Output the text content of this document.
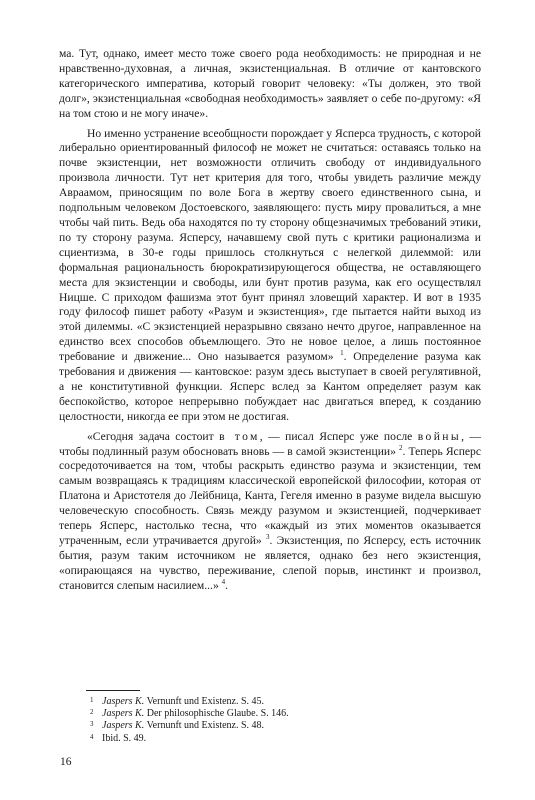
ма. Тут, однако, имеет место тоже своего рода необходимость: не природная и не нравственно-духовная, а личная, экзистенциальная. В отличие от кантовского категорического императива, который говорит человеку: «Ты должен, это твой долг», экзистенциальная «свободная необходимость» заявляет о себе по-другому: «Я на том стою и не могу иначе».

Но именно устранение всеобщности порождает у Ясперса трудность, с которой либерально ориентированный философ не может не считаться: оставаясь только на почве экзистенции, нет возможности отличить свободу от индивидуального произвола личности. Тут нет критерия для того, чтобы увидеть различие между Авраамом, приносящим по воле Бога в жертву своего единственного сына, и подпольным человеком Достоевского, заявляющего: пусть миру провалиться, а мне чтобы чай пить. Ведь оба находятся по ту сторону общезначимых требований этики, по ту сторону разума. Ясперсу, начавшему свой путь с критики рационализма и сциентизма, в 30-е годы пришлось столкнуться с нелегкой дилеммой: или формальная рациональность бюрократизирующегося общества, не оставляющего места для экзистенции и свободы, или бунт против разума, как его осуществлял Ницше. С приходом фашизма этот бунт принял зловещий характер. И вот в 1935 году философ пишет работу «Разум и экзистенция», где пытается найти выход из этой дилеммы. «С экзистенцией неразрывно связано нечто другое, направленное на единство всех способов объемлющего. Это не новое целое, а лишь постоянное требование и движение... Оно называется разумом» $^1$. Определение разума как требования и движения — кантовское: разум здесь выступает в своей регулятивной, а не конститутивной функции. Ясперс вслед за Кантом определяет разум как беспокойство, которое непрерывно побуждает нас двигаться вперед, к созданию целостности, никогда ее при этом не достигая.

«Сегодня задача состоит в том, — писал Ясперс уже после войны, — чтобы подлинный разум обосновать вновь — в самой экзистенции» $^2$. Теперь Ясперс сосредоточивается на том, чтобы раскрыть единство разума и экзистенции, тем самым возвращаясь к традициям классической европейской философии, которая от Платона и Аристотеля до Лейбница, Канта, Гегеля именно в разуме видела высшую человеческую способность. Связь между разумом и экзистенцией, подчеркивает теперь Ясперс, настолько тесна, что «каждый из этих моментов оказывается утраченным, если утрачивается другой» $^3$. Экзистенция, по Ясперсу, есть источник бытия, разум таким источником не является, однако без него экзистенция, «опирающаяся на чувство, переживание, слепой порыв, инстинкт и произвол, становится слепым насилием...» $^4$.

1 Jaspers K. Vernunft und Existenz. S. 45.
2 Jaspers K. Der philosophische Glaube. S. 146.
3 Jaspers K. Vernunft und Existenz. S. 48.
4 Ibid. S. 49.
16
